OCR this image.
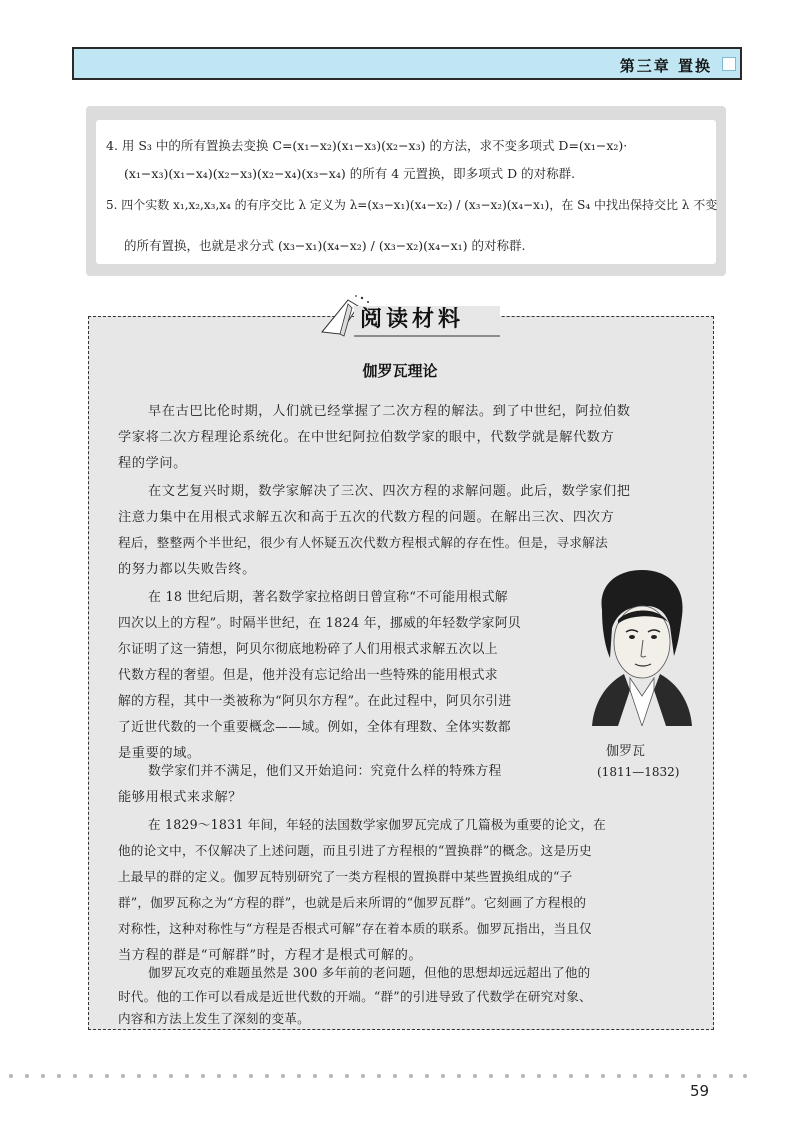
第三章 置换
4. 用 S₃ 中的所有置换去变换 C=(x₁−x₂)(x₁−x₃)(x₂−x₃) 的方法，求不变多项式 D=(x₁−x₂)·
(x₁−x₃)(x₁−x₄)(x₂−x₃)(x₂−x₄)(x₃−x₄) 的所有 4 元置换，即多项式 D 的对称群.
5. 四个实数 x₁,x₂,x₃,x₄ 的有序交比 λ 定义为 λ=(x₃−x₁)(x₄−x₂) / (x₃−x₂)(x₄−x₁)，在 S₄ 中找出保持交比 λ 不变
的所有置换，也就是求分式 (x₃−x₁)(x₄−x₂) / (x₃−x₂)(x₄−x₁) 的对称群.
阅读材料
伽罗瓦理论
早在古巴比伦时期，人们就已经掌握了二次方程的解法。到了中世纪，阿拉伯数
学家将二次方程理论系统化。在中世纪阿拉伯数学家的眼中，代数学就是解代数方
程的学问。
在文艺复兴时期，数学家解决了三次、四次方程的求解问题。此后，数学家们把
注意力集中在用根式求解五次和高于五次的代数方程的问题。在解出三次、四次方
程后，整整两个半世纪，很少有人怀疑五次代数方程根式解的存在性。但是，寻求解法
的努力都以失败告终。
在 18 世纪后期，著名数学家拉格朗日曾宣称“不可能用根式解
四次以上的方程”。时隔半世纪，在 1824 年，挪威的年轻数学家阿贝
尔证明了这一猜想，阿贝尔彻底地粉碎了人们用根式求解五次以上
代数方程的奢望。但是，他并没有忘记给出一些特殊的能用根式求
解的方程，其中一类被称为“阿贝尔方程”。在此过程中，阿贝尔引进
了近世代数的一个重要概念——域。例如，全体有理数、全体实数都
是重要的域。
数学家们并不满足，他们又开始追问：究竟什么样的特殊方程
能够用根式来求解？
在 1829～1831 年间，年轻的法国数学家伽罗瓦完成了几篇极为重要的论文，在
他的论文中，不仅解决了上述问题，而且引进了方程根的“置换群”的概念。这是历史
上最早的群的定义。伽罗瓦特别研究了一类方程根的置换群中某些置换组成的“子
群”，伽罗瓦称之为“方程的群”，也就是后来所谓的“伽罗瓦群”。它刻画了方程根的
对称性，这种对称性与“方程是否根式可解”存在着本质的联系。伽罗瓦指出，当且仅
当方程的群是“可解群”时，方程才是根式可解的。
伽罗瓦攻克的难题虽然是 300 多年前的老问题，但他的思想却远远超出了他的
时代。他的工作可以看成是近世代数的开端。“群”的引进导致了代数学在研究对象、
内容和方法上发生了深刻的变革。
伽罗瓦
(1811—1832)
59
